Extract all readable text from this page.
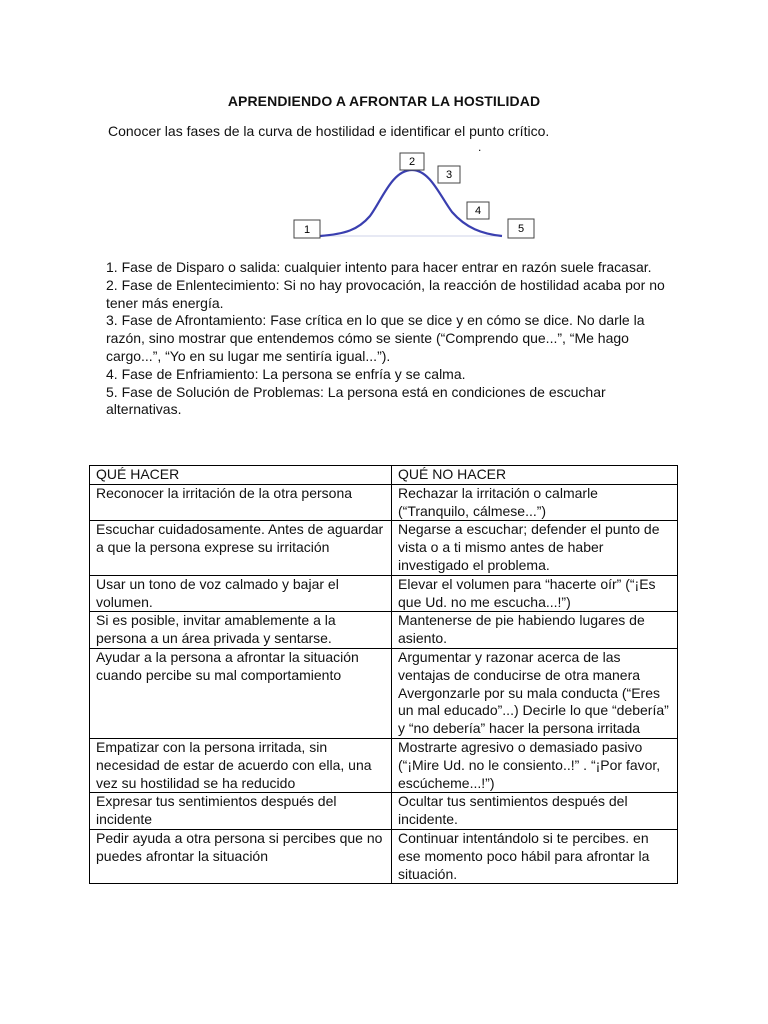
APRENDIENDO A AFRONTAR LA HOSTILIDAD
Conocer las fases de la curva de hostilidad e identificar el punto crítico.
.
1
2
3
4
5

1. Fase de Disparo o salida: cualquier intento para hacer entrar en razón suele fracasar.

2. Fase de Enlentecimiento: Si no hay provocación, la reacción de hostilidad acaba por no tener más energía.

3. Fase de Afrontamiento: Fase crítica en lo que se dice y en cómo se dice. No darle la razón, sino mostrar que entendemos cómo se siente (“Comprendo que...”, “Me hago cargo...”, “Yo en su lugar me sentiría igual...”).

4. Fase de Enfriamiento: La persona se enfría y se calma.

5. Fase de Solución de Problemas: La persona está en condiciones de escuchar alternativas.

QUÉ HACER	QUÉ NO HACER
Reconocer la irritación de la otra persona	Rechazar la irritación o calmarle (“Tranquilo, cálmese...”)
Escuchar cuidadosamente. Antes de aguardar a que la persona exprese su irritación	Negarse a escuchar; defender el punto de vista o a ti mismo antes de haber investigado el problema.
Usar un tono de voz calmado y bajar el volumen.	Elevar el volumen para “hacerte oír” (“¡Es que Ud. no me escucha...!”)
Si es posible, invitar amablemente a la persona a un área privada y sentarse.	Mantenerse de pie habiendo lugares de asiento.
Ayudar a la persona a afrontar la situación cuando percibe su mal comportamiento	Argumentar y razonar acerca de las ventajas de conducirse de otra manera Avergonzarle por su mala conducta (“Eres un mal educado”...) Decirle lo que “debería” y “no debería” hacer la persona irritada
Empatizar con la persona irritada, sin necesidad de estar de acuerdo con ella, una vez su hostilidad se ha reducido	Mostrarte agresivo o demasiado pasivo (“¡Mire Ud. no le consiento..!” . “¡Por favor, escúcheme...!”)
Expresar tus sentimientos después del incidente	Ocultar tus sentimientos después del incidente.
Pedir ayuda a otra persona si percibes que no puedes afrontar la situación	Continuar intentándolo si te percibes. en ese momento poco hábil para afrontar la situación.
